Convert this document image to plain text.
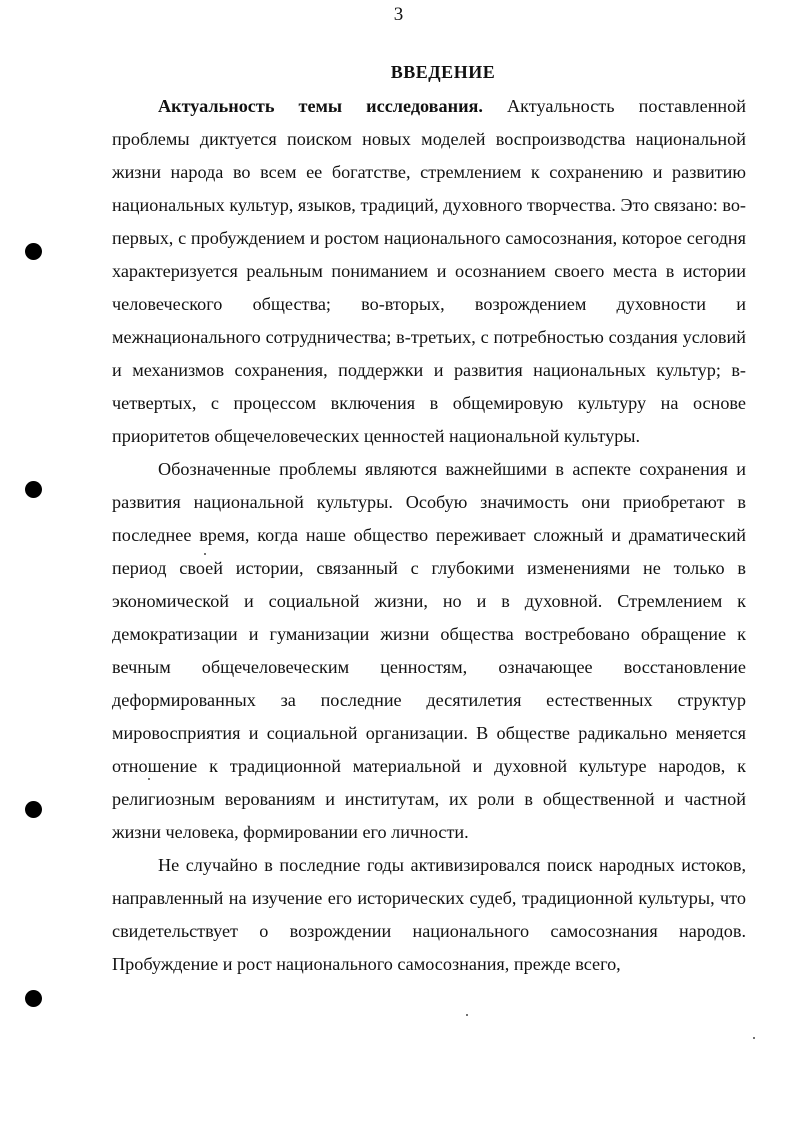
3
ВВЕДЕНИЕ

Актуальность темы исследования. Актуальность поставленной проблемы диктуется поиском новых моделей воспроизводства национальной жизни народа во всем ее богатстве, стремлением к сохранению и развитию национальных культур, языков, традиций, духовного творчества. Это связано: во-первых, с пробуждением и ростом национального самосознания, которое сегодня характеризуется реальным пониманием и осознанием своего места в истории человеческого общества; во-вторых, возрождением духовности и межнационального сотрудничества; в-третьих, с потребностью создания условий и механизмов сохранения, поддержки и развития национальных культур; в-четвертых, с процессом включения в общемировую культуру на основе приоритетов общечеловеческих ценностей национальной культуры.

Обозначенные проблемы являются важнейшими в аспекте сохранения и развития национальной культуры. Особую значимость они приобретают в последнее время, когда наше общество переживает сложный и драматический период своей истории, связанный с глубокими изменениями не только в экономической и социальной жизни, но и в духовной. Стремлением к демократизации и гуманизации жизни общества востребовано обращение к вечным общечеловеческим ценностям, означающее восстановление деформированных за последние десятилетия естественных структур мировосприятия и социальной организации. В обществе радикально меняется отношение к традиционной материальной и духовной культуре народов, к религиозным верованиям и институтам, их роли в общественной и частной жизни человека, формировании его личности.

Не случайно в последние годы активизировался поиск народных истоков, направленный на изучение его исторических судеб, традиционной культуры, что свидетельствует о возрождении национального самосознания народов. Пробуждение и рост национального самосознания, прежде всего,
